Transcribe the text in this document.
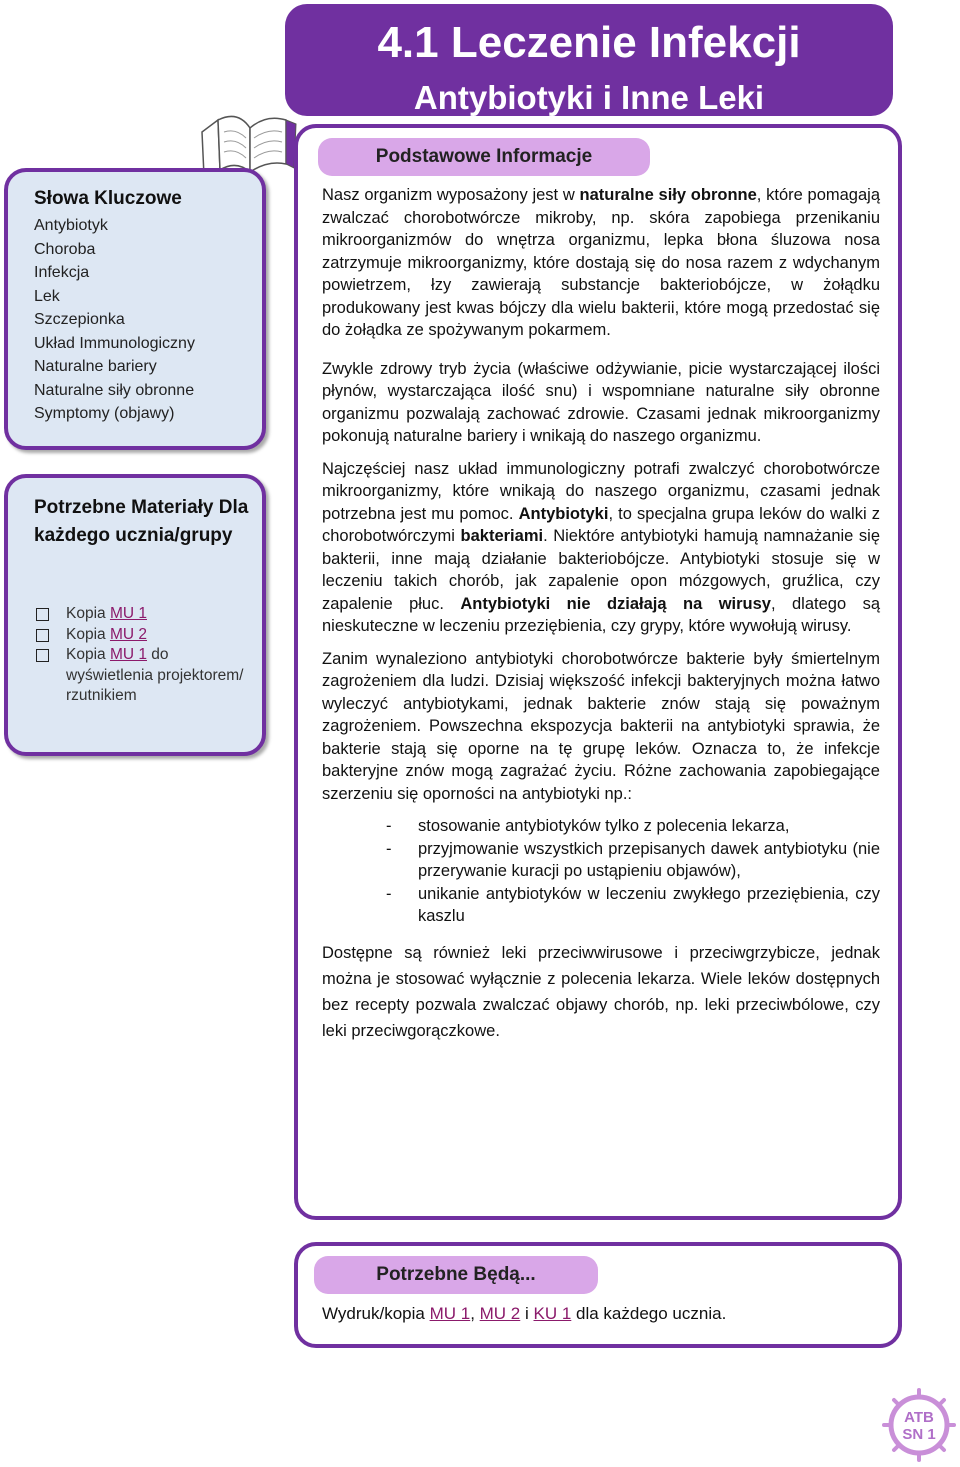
4.1 Leczenie Infekcji
Antybiotyki i Inne Leki
Słowa Kluczowe
Antybiotyk
Choroba
Infekcja
Lek
Szczepionka
Układ Immunologiczny
Naturalne bariery
Naturalne siły obronne
Symptomy (objawy)
Potrzebne Materiały Dla każdego ucznia/grupy
Kopia MU 1
Kopia MU 2
Kopia MU 1 do wyświetlenia projektorem/ rzutnikiem
Podstawowe Informacje

Nasz organizm wyposażony jest w naturalne siły obronne, które pomagają zwalczać chorobotwórcze mikroby, np. skóra zapobiega przenikaniu mikroorganizmów do wnętrza organizmu, lepka błona śluzowa nosa zatrzymuje mikroorganizmy, które dostają się do nosa razem z wdychanym powietrzem, łzy zawierają substancje bakteriobójcze, w żołądku produkowany jest kwas bójczy dla wielu bakterii, które mogą przedostać się do żołądka ze spożywanym pokarmem.

Zwykle zdrowy tryb życia (właściwe odżywianie, picie wystarczającej ilości płynów, wystarczająca ilość snu) i wspomniane naturalne siły obronne organizmu pozwalają zachować zdrowie. Czasami jednak mikroorganizmy pokonują naturalne bariery i wnikają do naszego organizmu.

Najczęściej nasz układ immunologiczny potrafi zwalczyć chorobotwórcze mikroorganizmy, które wnikają do naszego organizmu, czasami jednak potrzebna jest mu pomoc. Antybiotyki, to specjalna grupa leków do walki z chorobotwórczymi bakteriami. Niektóre antybiotyki hamują namnażanie się bakterii, inne mają działanie bakteriobójcze. Antybiotyki stosuje się w leczeniu takich chorób, jak zapalenie opon mózgowych, gruźlica, czy zapalenie płuc. Antybiotyki nie działają na wirusy, dlatego są nieskuteczne w leczeniu przeziębienia, czy grypy, które wywołują wirusy.

Zanim wynaleziono antybiotyki chorobotwórcze bakterie były śmiertelnym zagrożeniem dla ludzi. Dzisiaj większość infekcji bakteryjnych można łatwo wyleczyć antybiotykami, jednak bakterie znów stają się poważnym zagrożeniem. Powszechna ekspozycja bakterii na antybiotyki sprawia, że bakterie stają się oporne na tę grupę leków. Oznacza to, że infekcje bakteryjne znów mogą zagrażać życiu. Różne zachowania zapobiegające szerzeniu się oporności na antybiotyki np.:

- stosowanie antybiotyków tylko z polecenia lekarza,
- przyjmowanie wszystkich przepisanych dawek antybiotyku (nie przerywanie kuracji po ustąpieniu objawów),
- unikanie antybiotyków w leczeniu zwykłego przeziębienia, czy kaszlu

Dostępne są również leki przeciwwirusowe i przeciwgrzybicze, jednak można je stosować wyłącznie z polecenia lekarza. Wiele leków dostępnych bez recepty pozwala zwalczać objawy chorób, np. leki przeciwbólowe, czy leki przeciwgorączkowe.

Potrzebne Będą...
Wydruk/kopia MU 1, MU 2 i KU 1 dla każdego ucznia.
ATB
SN 1
